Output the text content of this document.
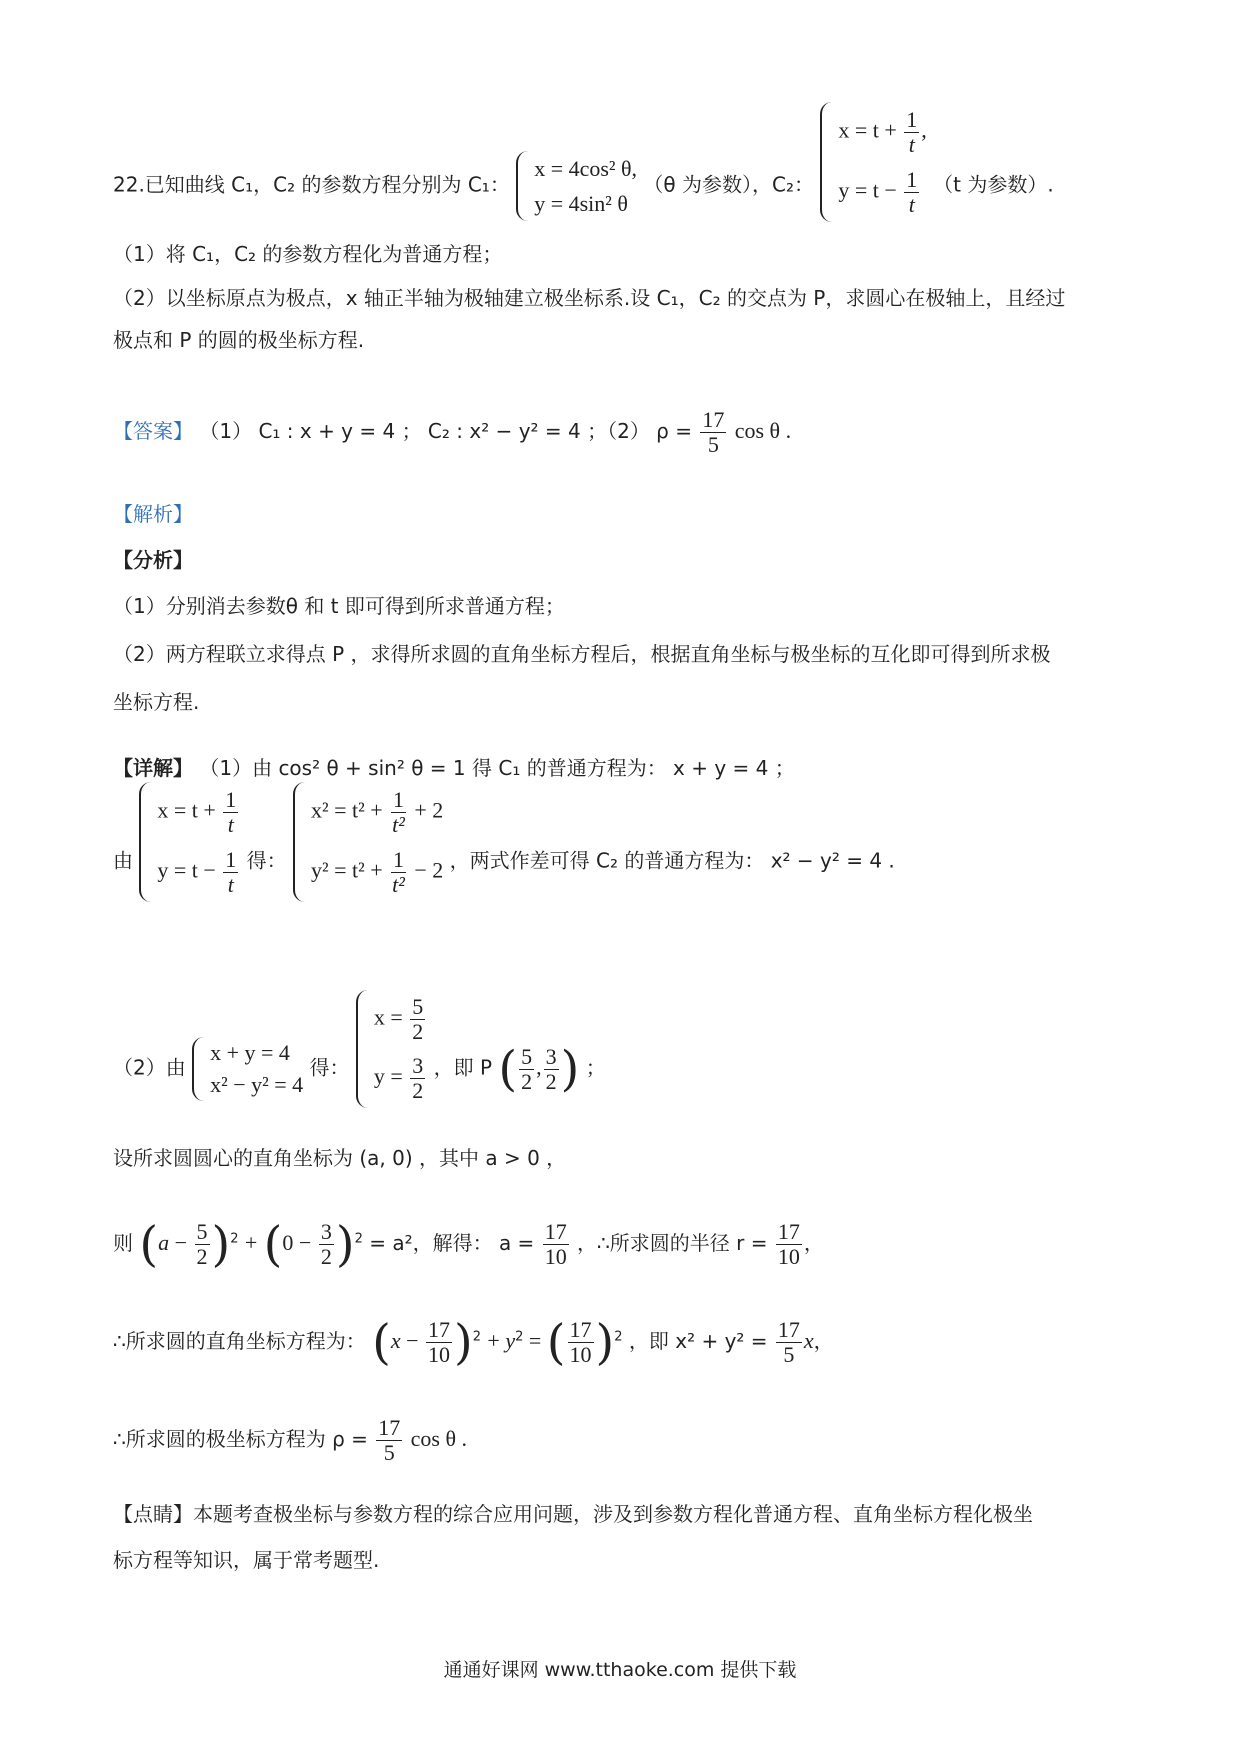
22.已知曲线 C₁，C₂ 的参数方程分别为 C₁：
x = 4cos² θ,
y = 4sin² θ
（θ 为参数），C₂：
$x = t + \frac{1}{t}$ ,
$y = t - \frac{1}{t} (t$ 为参数）.
（1）将 C₁，C₂ 的参数方程化为普通方程；
（2）以坐标原点为极点，x 轴正半轴为极轴建立极坐标系.设 C₁，C₂ 的交点为 P，求圆心在极轴上，且经过
极点和 P 的圆的极坐标方程.
【答案】 （1） C₁ : x + y = 4 ； C₂ : x² − y² = 4 ；（2） $\rho = \frac{17}{5}$ cos θ .
【解析】
【分析】
（1）分别消去参数θ 和 t 即可得到所求普通方程；
（2）两方程联立求得点 P ，求得所求圆的直角坐标方程后，根据直角坐标与极坐标的互化即可得到所求极
坐标方程.
【详解】 （1）由 cos² θ + sin² θ = 1 得 C₁ 的普通方程为： x + y = 4 ；
由
$x = t + \frac{1}{t}$
$y = t - \frac{1}{t}$ 得：
$x^2 = t^2 + \frac{1}{\text{t²}} + 2$
$y^2 = t^2 + \frac{1}{\text{t²}} - 2$ ，两式作差可得 C₂ 的普通方程为： x² − y² = 4 .
（2）由
x + y = 4
x² − y² = 4
得：
$x = \frac{5}{2}$
$y = \frac{3}{2}$ ，即 P ( $\frac{5}{2}$ , $\frac{3}{2}$ ) ；
设所求圆圆心的直角坐标为 (a, 0) ，其中 a > 0 ，
则 $(a - \frac{5}{2} )^2 + (0 - \frac{3}{2} )^2 = a^2$，解得： $a = \frac{17}{10}$ ，∴所求圆的半径 $r = \frac{17}{10}$ ，
∴所求圆的直角坐标方程为： $(x - \frac{17}{10} )^2 + y^2$ = ( $\frac{17}{10} )^2$ ，即 $x^2 + y^2 = \frac{17}{5}$ x，
∴所求圆的极坐标方程为 $\rho = \frac{17}{5}$ cos θ .
【点睛】本题考查极坐标与参数方程的综合应用问题，涉及到参数方程化普通方程、直角坐标方程化极坐
标方程等知识，属于常考题型.
通通好课网 www.tthaoke.com 提供下载
